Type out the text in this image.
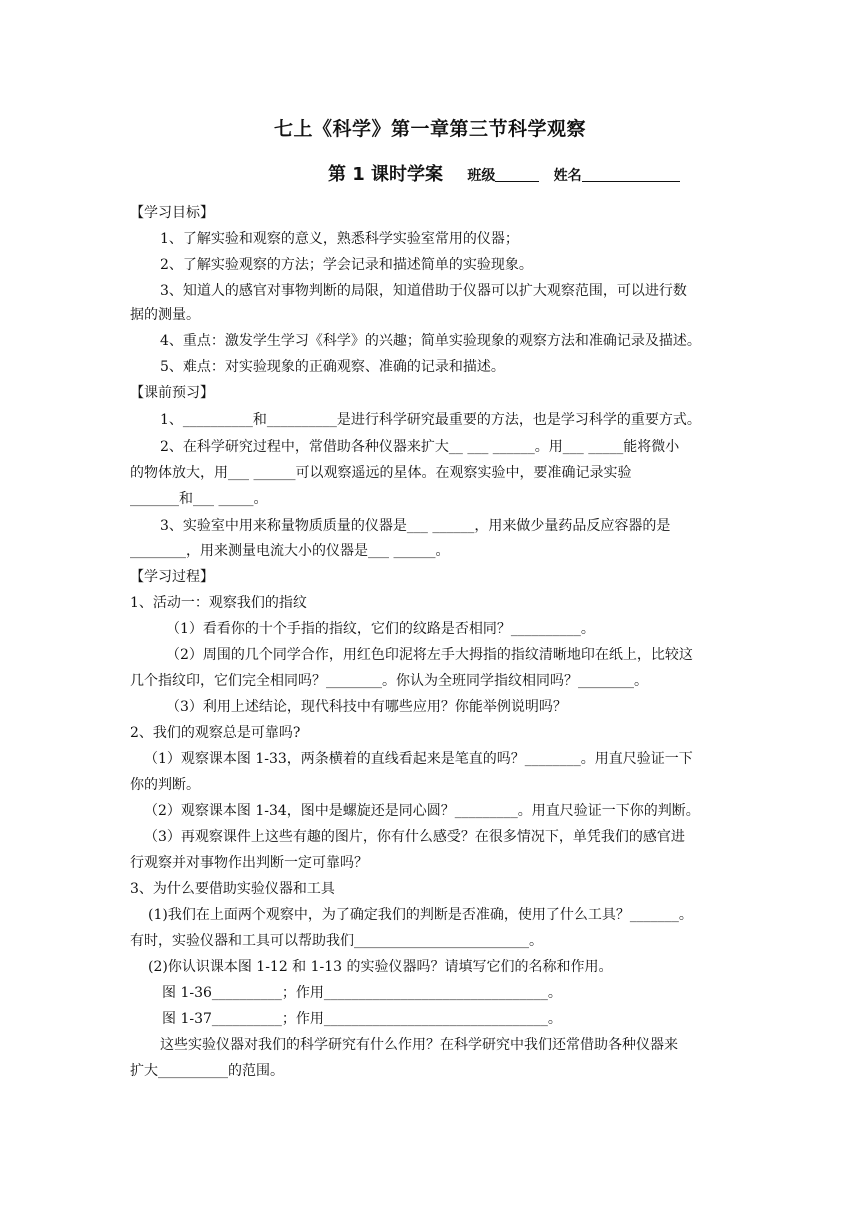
七上《科学》第一章第三节科学观察
第 1 课时学案 班级	姓名
【学习目标】
1、了解实验和观察的意义，熟悉科学实验室常用的仪器；
2、了解实验观察的方法；学会记录和描述简单的实验现象。
3、知道人的感官对事物判断的局限，知道借助于仪器可以扩大观察范围，可以进行数
据的测量。
4、重点：激发学生学习《科学》的兴趣；简单实验现象的观察方法和准确记录及描述。
5、难点：对实验现象的正确观察、准确的记录和描述。
【课前预习】
1、__________和__________是进行科学研究最重要的方法，也是学习科学的重要方式。
2、在科学研究过程中，常借助各种仪器来扩大__ ___ ______。用___ _____能将微小
的物体放大，用___ ______可以观察遥远的星体。在观察实验中，要准确记录实验
_______和___ _____。
3、实验室中用来称量物质质量的仪器是___ ______，用来做少量药品反应容器的是
________，用来测量电流大小的仪器是___ ______。
【学习过程】
1、活动一：观察我们的指纹
（1）看看你的十个手指的指纹，它们的纹路是否相同？__________。
（2）周围的几个同学合作，用红色印泥将左手大拇指的指纹清晰地印在纸上，比较这
几个指纹印，它们完全相同吗？________。你认为全班同学指纹相同吗？________。
（3）利用上述结论，现代科技中有哪些应用？你能举例说明吗？
2、我们的观察总是可靠吗?
（1）观察课本图 1-33，两条横着的直线看起来是笔直的吗？________。用直尺验证一下
你的判断。
（2）观察课本图 1-34，图中是螺旋还是同心圆？_________。用直尺验证一下你的判断。
（3）再观察课件上这些有趣的图片，你有什么感受？在很多情况下，单凭我们的感官进
行观察并对事物作出判断一定可靠吗？
3、为什么要借助实验仪器和工具
(1)我们在上面两个观察中，为了确定我们的判断是否准确，使用了什么工具？_______。
有时，实验仪器和工具可以帮助我们_________________________。
(2)你认识课本图 1-12 和 1-13 的实验仪器吗？请填写它们的名称和作用。
图 1-36__________；作用________________________________。
图 1-37__________；作用________________________________。
这些实验仪器对我们的科学研究有什么作用？在科学研究中我们还常借助各种仪器来
扩大__________的范围。
